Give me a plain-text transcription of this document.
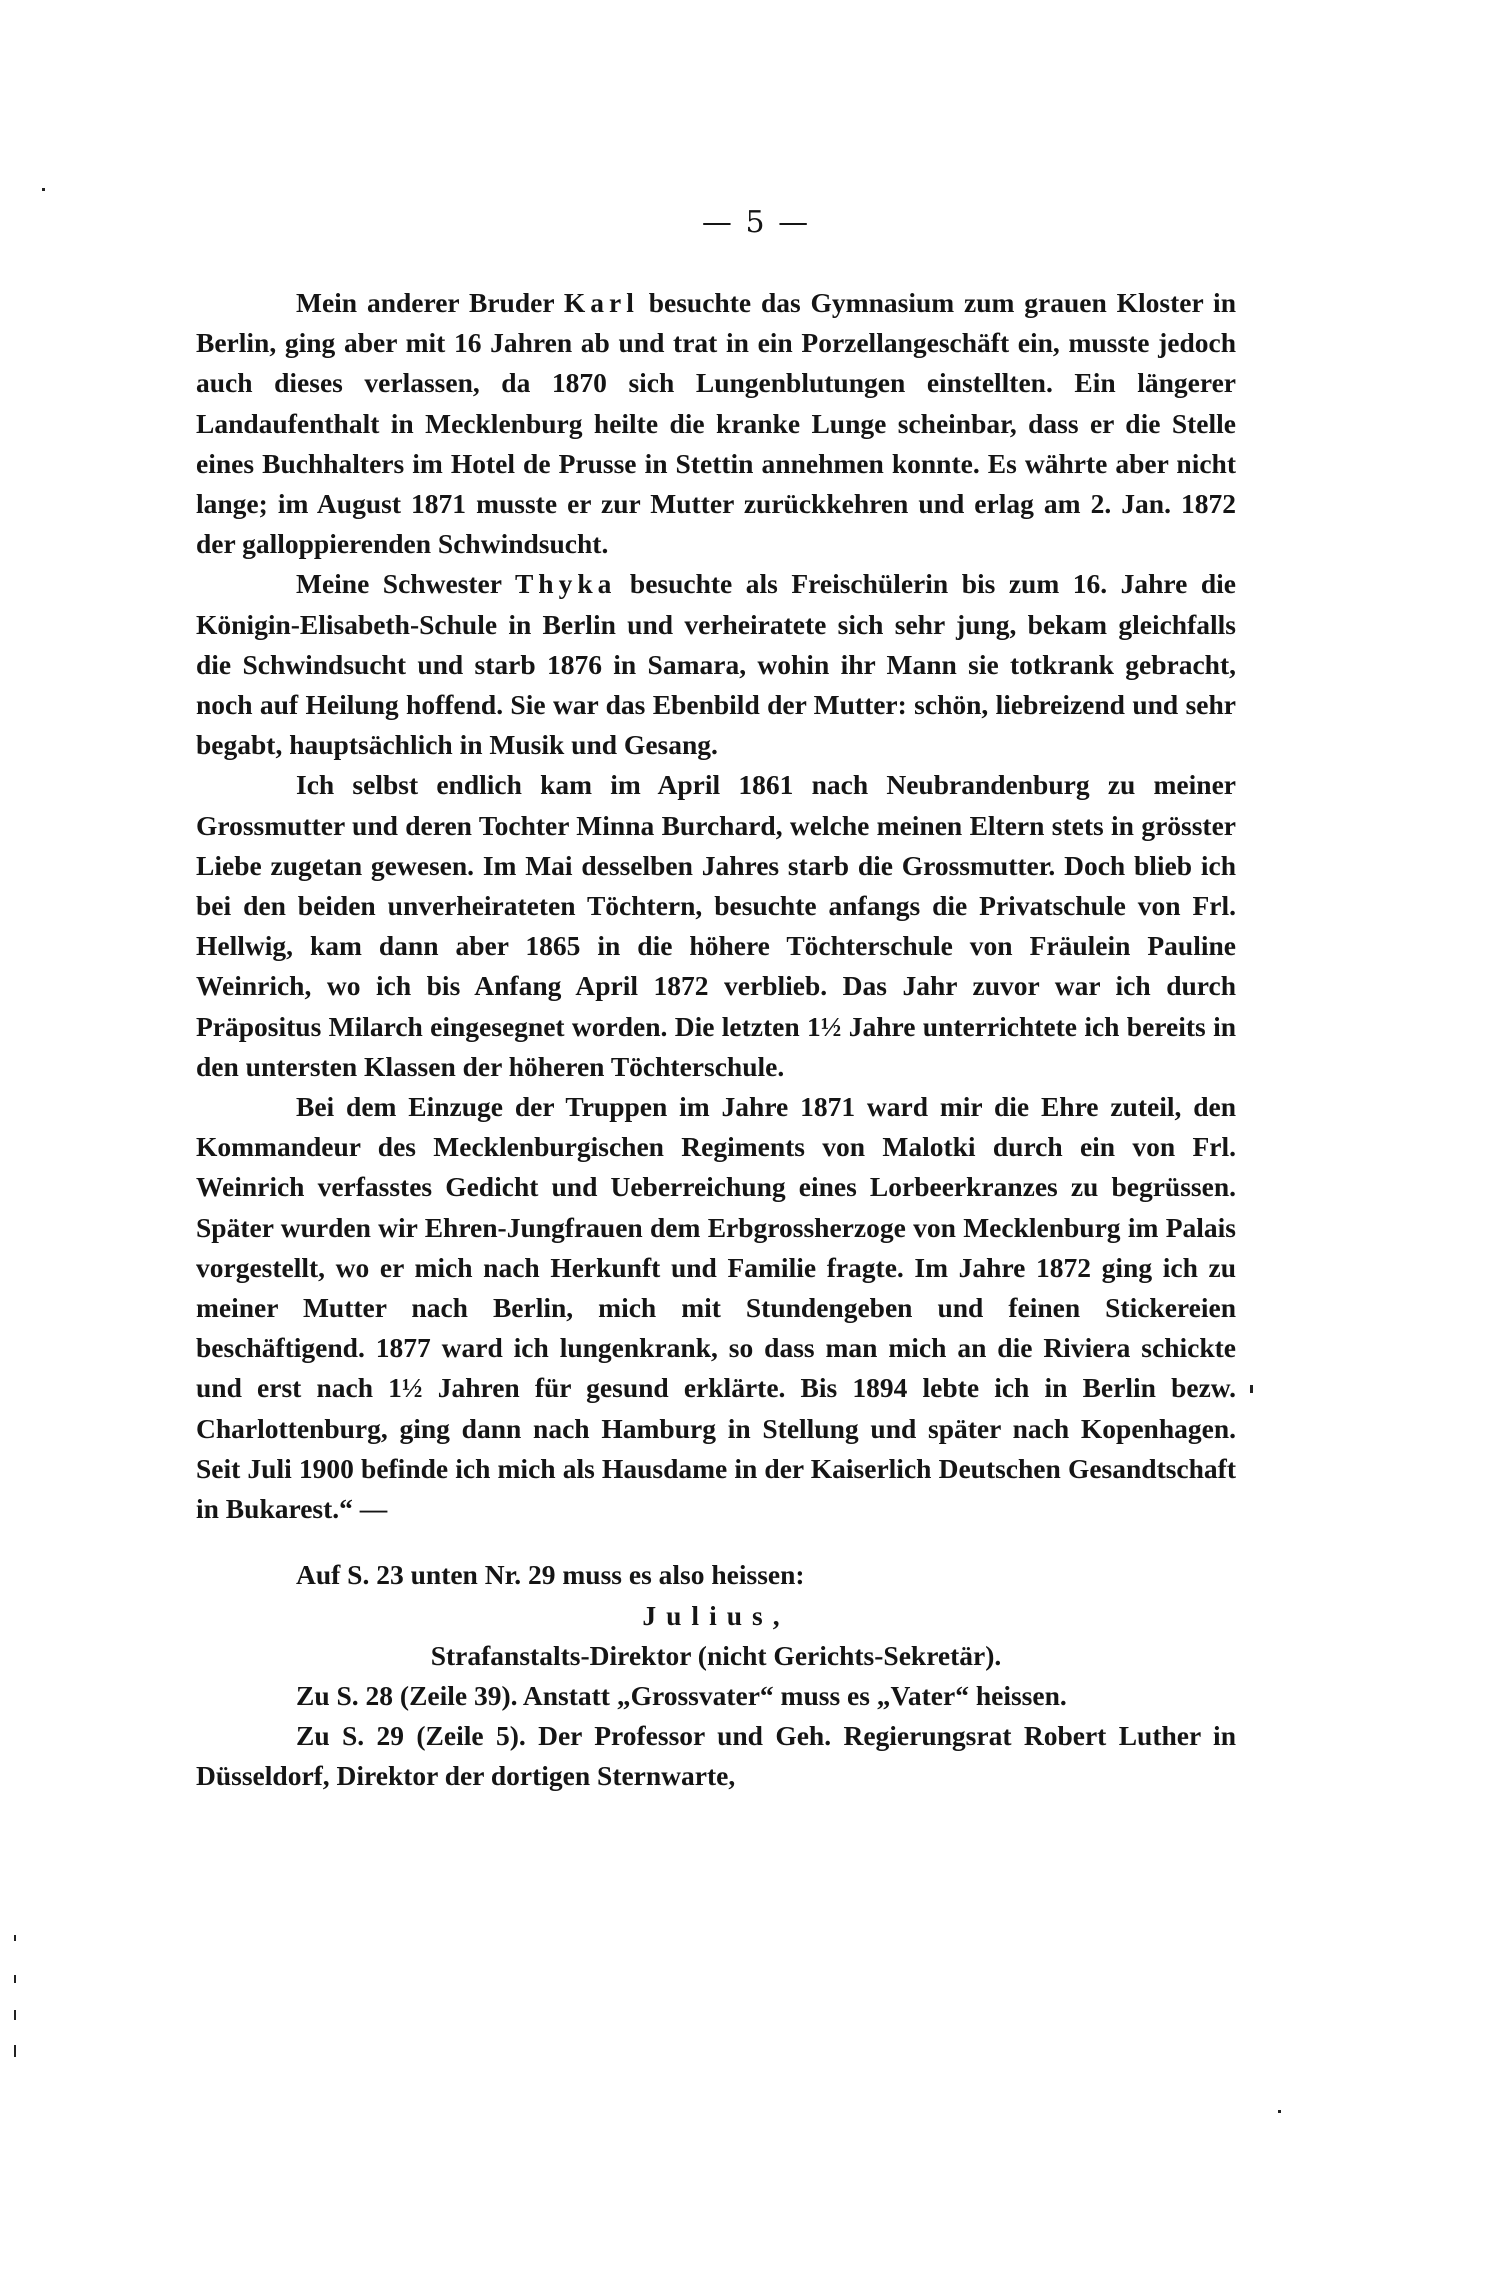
— 5 —

Mein anderer Bruder Karl besuchte das Gymnasium zum grauen Kloster in Berlin, ging aber mit 16 Jahren ab und trat in ein Porzellangeschäft ein, musste jedoch auch dieses verlassen, da 1870 sich Lungenblutungen einstellten. Ein längerer Landaufenthalt in Mecklenburg heilte die kranke Lunge scheinbar, dass er die Stelle eines Buchhalters im Hotel de Prusse in Stettin annehmen konnte. Es währte aber nicht lange; im August 1871 musste er zur Mutter zurückkehren und erlag am 2. Jan. 1872 der galloppierenden Schwindsucht.

Meine Schwester Thyka besuchte als Freischülerin bis zum 16. Jahre die Königin-Elisabeth-Schule in Berlin und verheiratete sich sehr jung, bekam gleichfalls die Schwindsucht und starb 1876 in Samara, wohin ihr Mann sie totkrank gebracht, noch auf Heilung hoffend. Sie war das Ebenbild der Mutter: schön, liebreizend und sehr begabt, hauptsächlich in Musik und Gesang.

Ich selbst endlich kam im April 1861 nach Neubrandenburg zu meiner Grossmutter und deren Tochter Minna Burchard, welche meinen Eltern stets in grösster Liebe zugetan gewesen. Im Mai desselben Jahres starb die Grossmutter. Doch blieb ich bei den beiden unverheirateten Töchtern, besuchte anfangs die Privatschule von Frl. Hellwig, kam dann aber 1865 in die höhere Töchterschule von Fräulein Pauline Weinrich, wo ich bis Anfang April 1872 verblieb. Das Jahr zuvor war ich durch Präpositus Milarch eingesegnet worden. Die letzten 1½ Jahre unterrichtete ich bereits in den untersten Klassen der höheren Töchterschule.

Bei dem Einzuge der Truppen im Jahre 1871 ward mir die Ehre zuteil, den Kommandeur des Mecklenburgischen Regiments von Malotki durch ein von Frl. Weinrich verfasstes Gedicht und Ueberreichung eines Lorbeerkranzes zu begrüssen. Später wurden wir Ehren-Jungfrauen dem Erbgrossherzoge von Mecklenburg im Palais vorgestellt, wo er mich nach Herkunft und Familie fragte. Im Jahre 1872 ging ich zu meiner Mutter nach Berlin, mich mit Stundengeben und feinen Stickereien beschäftigend. 1877 ward ich lungenkrank, so dass man mich an die Riviera schickte und erst nach 1½ Jahren für gesund erklärte. Bis 1894 lebte ich in Berlin bezw. Charlottenburg, ging dann nach Hamburg in Stellung und später nach Kopenhagen. Seit Juli 1900 befinde ich mich als Hausdame in der Kaiserlich Deutschen Gesandtschaft in Bukarest.“ —

Auf S. 23 unten Nr. 29 muss es also heissen:

Julius,

Strafanstalts-Direktor (nicht Gerichts-Sekretär).

Zu S. 28 (Zeile 39). Anstatt „Grossvater“ muss es „Vater“ heissen.

Zu S. 29 (Zeile 5). Der Professor und Geh. Regierungsrat Robert Luther in Düsseldorf, Direktor der dortigen Sternwarte,
